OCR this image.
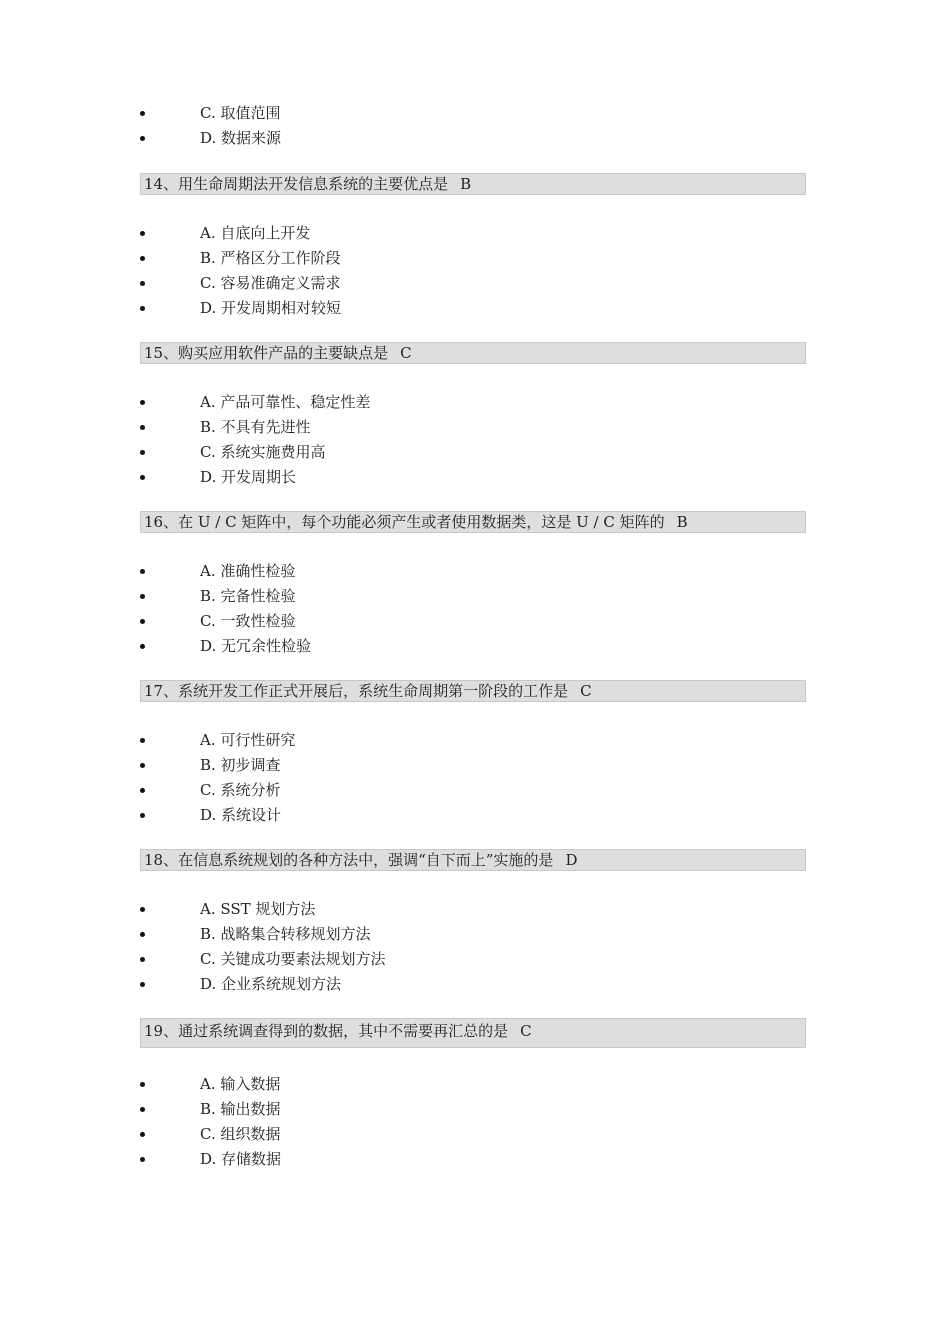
C. 取值范围
D. 数据来源
14、用生命周期法开发信息系统的主要优点是 B
A. 自底向上开发
B. 严格区分工作阶段
C. 容易准确定义需求
D. 开发周期相对较短
15、购买应用软件产品的主要缺点是 C
A. 产品可靠性、稳定性差
B. 不具有先进性
C. 系统实施费用高
D. 开发周期长
16、在 U / C 矩阵中，每个功能必须产生或者使用数据类，这是 U / C 矩阵的 B
A. 准确性检验
B. 完备性检验
C. 一致性检验
D. 无冗余性检验
17、系统开发工作正式开展后，系统生命周期第一阶段的工作是 C
A. 可行性研究
B. 初步调查
C. 系统分析
D. 系统设计
18、在信息系统规划的各种方法中，强调“自下而上”实施的是 D
A. SST 规划方法
B. 战略集合转移规划方法
C. 关键成功要素法规划方法
D. 企业系统规划方法
19、通过系统调查得到的数据，其中不需要再汇总的是 C
A. 输入数据
B. 输出数据
C. 组织数据
D. 存储数据
